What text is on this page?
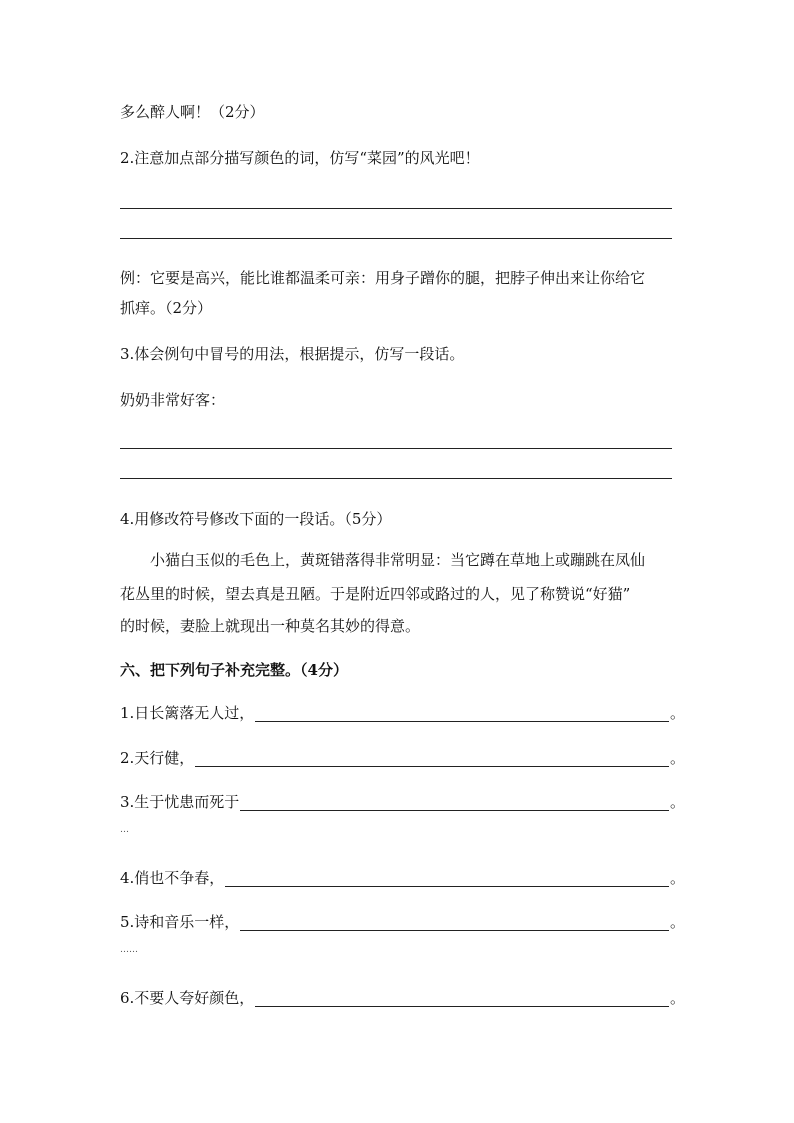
多么醉人啊！（2分）
2.注意加点部分描写颜色的词，仿写“菜园”的风光吧！
例：它要是高兴，能比谁都温柔可亲：用身子蹭你的腿，把脖子伸出来让你给它
抓痒。（2分）
3.体会例句中冒号的用法，根据提示，仿写一段话。
奶奶非常好客：
4.用修改符号修改下面的一段话。（5分）
小猫白玉似的毛色上，黄斑错落得非常明显：当它蹲在草地上或蹦跳在凤仙
花丛里的时候，望去真是丑陋。于是附近四邻或路过的人，见了称赞说“好猫”
的时候，妻脸上就现出一种莫名其妙的得意。
六、把下列句子补充完整。（4分）
1.日长篱落无人过，	。
2.天行健，	。
3.生于忧患而死于	。
…
4.俏也不争春，	。
5.诗和音乐一样，	。
……
6.不要人夸好颜色，	。
